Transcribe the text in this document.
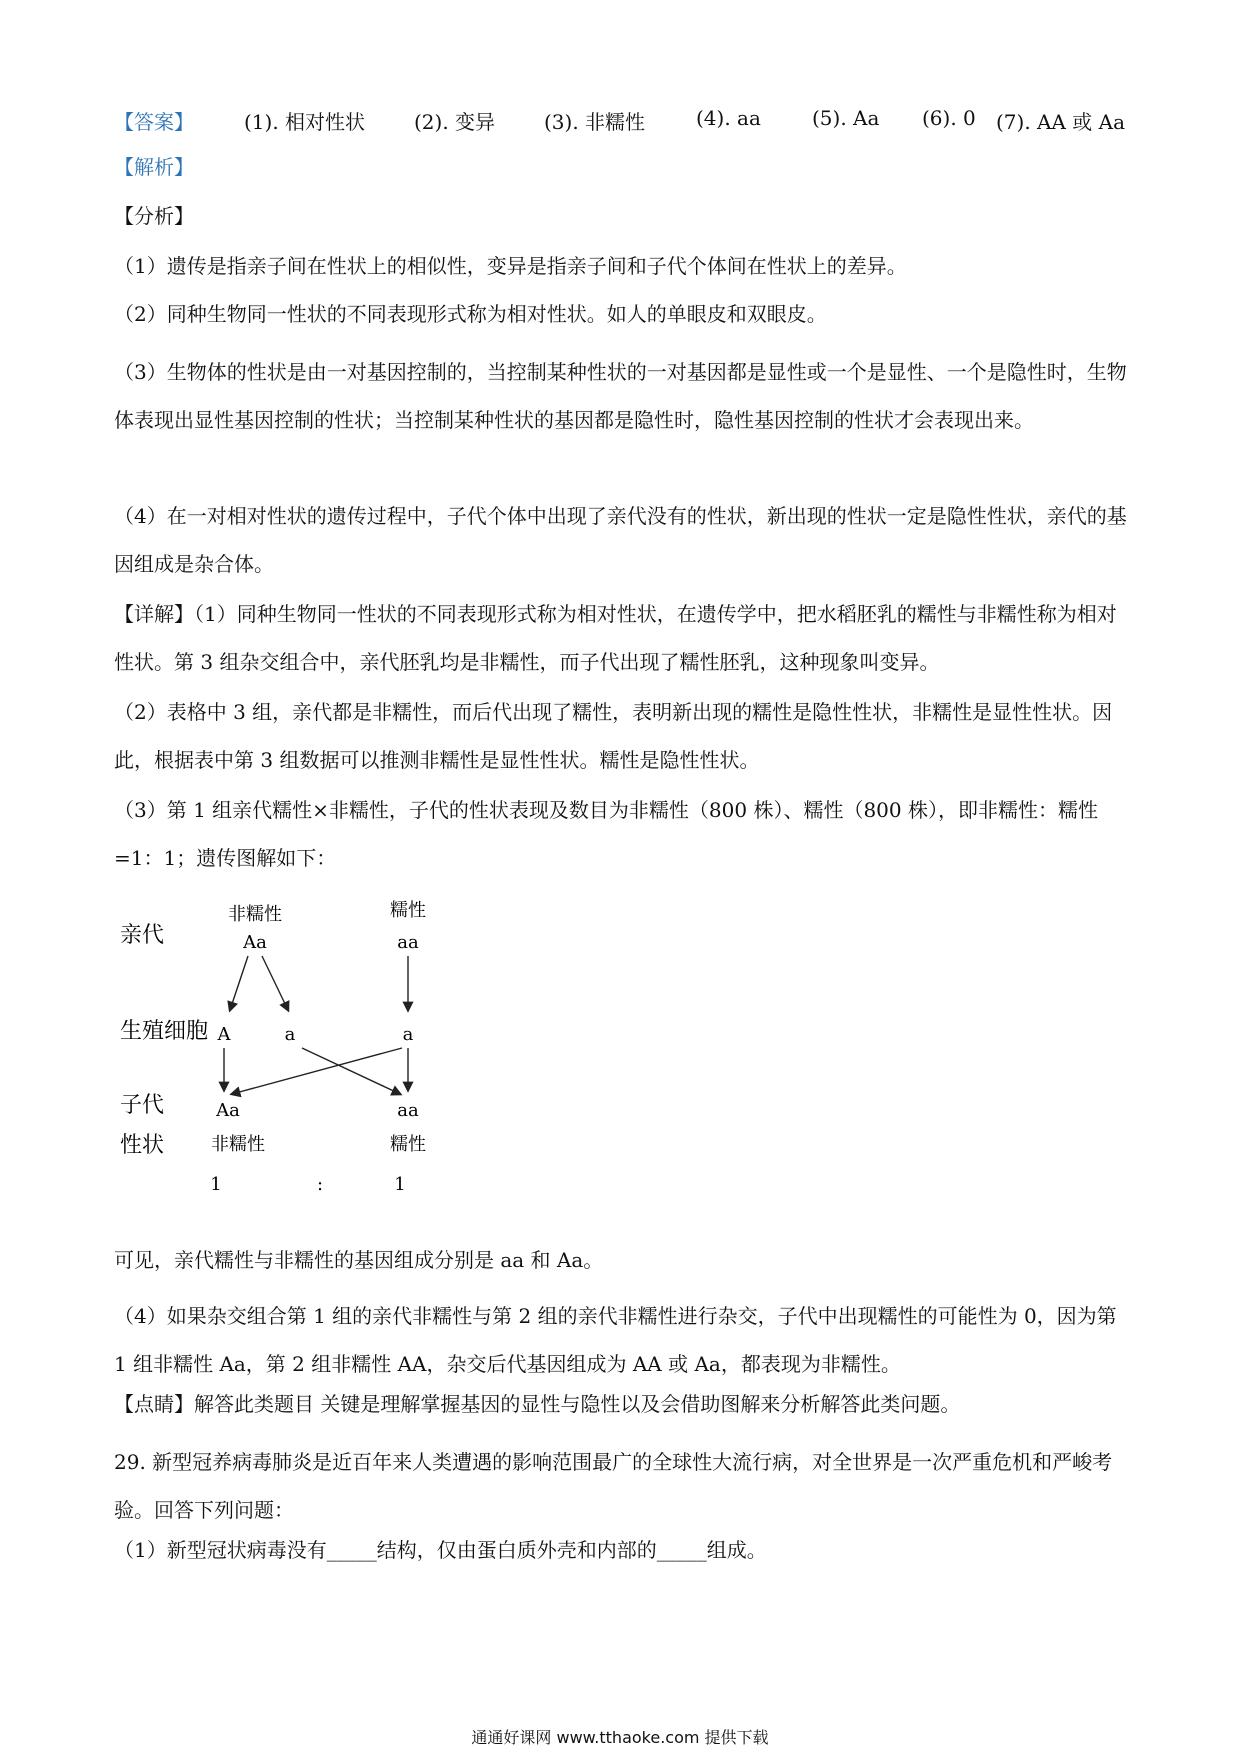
【答案】	(1). 相对性状 (2). 变异 (3). 非糯性	(4). aa	(5). Aa (6). 0 (7). AA 或 Aa
【解析】
【分析】
（1）遗传是指亲子间在性状上的相似性，变异是指亲子间和子代个体间在性状上的差异。
（2）同种生物同一性状的不同表现形式称为相对性状。如人的单眼皮和双眼皮。
（3）生物体的性状是由一对基因控制的，当控制某种性状的一对基因都是显性或一个是显性、一个是隐性时，生物体表现出显性基因控制的性状；当控制某种性状的基因都是隐性时，隐性基因控制的性状才会表现出来。
（4）在一对相对性状的遗传过程中，子代个体中出现了亲代没有的性状，新出现的性状一定是隐性性状，亲代的基因组成是杂合体。
【详解】（1）同种生物同一性状的不同表现形式称为相对性状，在遗传学中，把水稻胚乳的糯性与非糯性称为相对性状。第 3 组杂交组合中，亲代胚乳均是非糯性，而子代出现了糯性胚乳，这种现象叫变异。
（2）表格中 3 组，亲代都是非糯性，而后代出现了糯性，表明新出现的糯性是隐性性状，非糯性是显性性状。因此，根据表中第 3 组数据可以推测非糯性是显性性状。糯性是隐性性状。
（3）第 1 组亲代糯性×非糯性，子代的性状表现及数目为非糯性（800 株）、糯性（800 株），即非糯性：糯性=1：1；遗传图解如下：
亲代
生殖细胞
子代
性状
非糯性
Aa
糯性
aa
A	a	a
Aa	aa
非糯性	糯性
1	:	1
可见，亲代糯性与非糯性的基因组成分别是 aa 和 Aa。
（4）如果杂交组合第 1 组的亲代非糯性与第 2 组的亲代非糯性进行杂交，子代中出现糯性的可能性为 0，因为第 1 组非糯性 Aa，第 2 组非糯性 AA，杂交后代基因组成为 AA 或 Aa，都表现为非糯性。
【点睛】解答此类题目 关键是理解掌握基因的显性与隐性以及会借助图解来分析解答此类问题。
29. 新型冠养病毒肺炎是近百年来人类遭遇的影响范围最广的全球性大流行病，对全世界是一次严重危机和严峻考验。回答下列问题：
（1）新型冠状病毒没有_____结构，仅由蛋白质外壳和内部的_____组成。
通通好课网 www.tthaoke.com 提供下载
